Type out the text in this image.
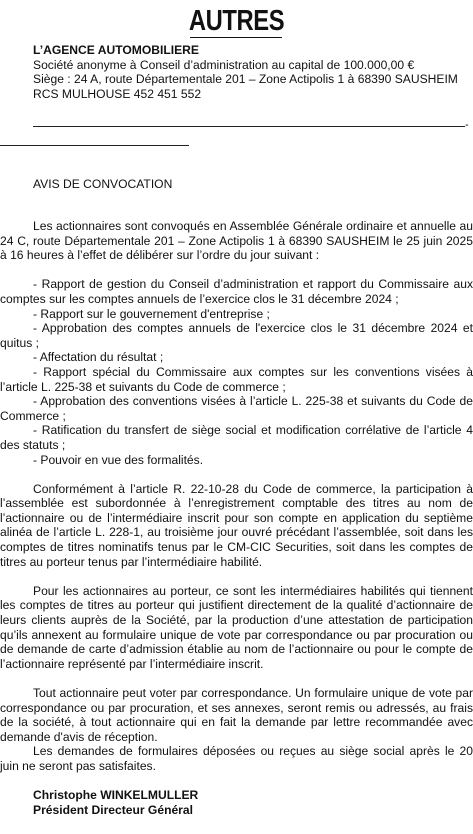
AUTRES
L’AGENCE AUTOMOBILIERE
Société anonyme à Conseil d’administration au capital de 100.000,00 €
Siège : 24 A, route Départementale 201 – Zone Actipolis 1 à 68390 SAUSHEIM
RCS MULHOUSE 452 451 552
-
AVIS DE CONVOCATION

Les actionnaires sont convoqués en Assemblée Générale ordinaire et annuelle au 24 C, route Départementale 201 – Zone Actipolis 1 à 68390 SAUSHEIM le 25 juin 2025 à 16 heures à l’effet de délibérer sur l’ordre du jour suivant :

- Rapport de gestion du Conseil d’administration et rapport du Commissaire aux comptes sur les comptes annuels de l’exercice clos le 31 décembre 2024 ;

- Rapport sur le gouvernement d'entreprise ;

- Approbation des comptes annuels de l'exercice clos le 31 décembre 2024 et quitus ;

- Affectation du résultat ;

- Rapport spécial du Commissaire aux comptes sur les conventions visées à l’article L. 225-38 et suivants du Code de commerce ;

- Approbation des conventions visées à l’article L. 225-38 et suivants du Code de Commerce ;

- Ratification du transfert de siège social et modification corrélative de l’article 4 des statuts ;

- Pouvoir en vue des formalités.

Conformément à l’article R. 22-10-28 du Code de commerce, la participation à l’assemblée est subordonnée à l’enregistrement comptable des titres au nom de l’actionnaire ou de l’intermédiaire inscrit pour son compte en application du septième alinéa de l’article L. 228-1, au troisième jour ouvré précédant l’assemblée, soit dans les comptes de titres nominatifs tenus par le CM-CIC Securities, soit dans les comptes de titres au porteur tenus par l’intermédiaire habilité.

Pour les actionnaires au porteur, ce sont les intermédiaires habilités qui tiennent les comptes de titres au porteur qui justifient directement de la qualité d’actionnaire de leurs clients auprès de la Société, par la production d’une attestation de participation qu’ils annexent au formulaire unique de vote par correspondance ou par procuration ou de demande de carte d’admission établie au nom de l’actionnaire ou pour le compte de l’actionnaire représenté par l’intermédiaire inscrit.

Tout actionnaire peut voter par correspondance. Un formulaire unique de vote par correspondance ou par procuration, et ses annexes, seront remis ou adressés, au frais de la société, à tout actionnaire qui en fait la demande par lettre recommandée avec demande d'avis de réception.

Les demandes de formulaires déposées ou reçues au siège social après le 20 juin ne seront pas satisfaites.

Christophe WINKELMULLER
Président Directeur Général
